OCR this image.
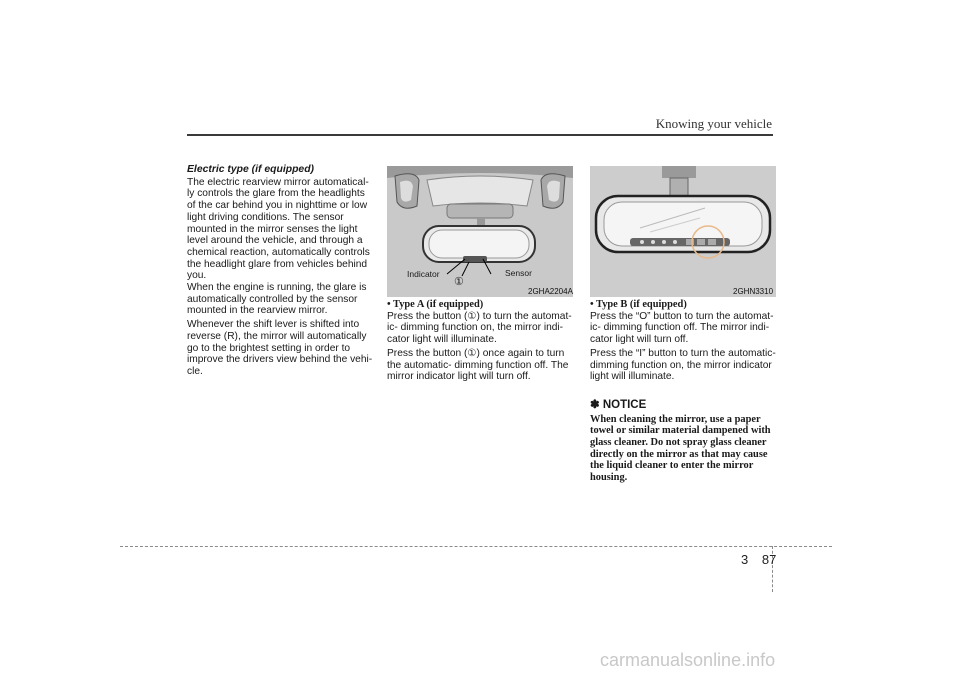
Knowing your vehicle

Electric type (if equipped)

The electric rearview mirror automatical- ly controls the glare from the headlights of the car behind you in nighttime or low light driving conditions. The sensor mounted in the mirror senses the light level around the vehicle, and through a chemical reaction, automatically controls the headlight glare from vehicles behind you.

When the engine is running, the glare is automatically controlled by the sensor mounted in the rearview mirror.

Whenever the shift lever is shifted into reverse (R), the mirror will automatically go to the brightest setting in order to improve the drivers view behind the vehi- cle.

Indicator	Sensor
①
2GHA2204A	2GHN3310

• Type A (if equipped)

Press the button (①) to turn the automat- ic- dimming function on, the mirror indi- cator light will illuminate.

Press the button (①) once again to turn the automatic- dimming function off. The mirror indicator light will turn off.

• Type B (if equipped)

Press the “O” button to turn the automat- ic- dimming function off. The mirror indi- cator light will turn off.

Press the “I” button to turn the automatic- dimming function on, the mirror indicator light will illuminate.

✽ NOTICE

When cleaning the mirror, use a paper towel or similar material dampened with glass cleaner. Do not spray glass cleaner directly on the mirror as that may cause the liquid cleaner to enter the mirror housing.

3 87
carmanualsonline.info
